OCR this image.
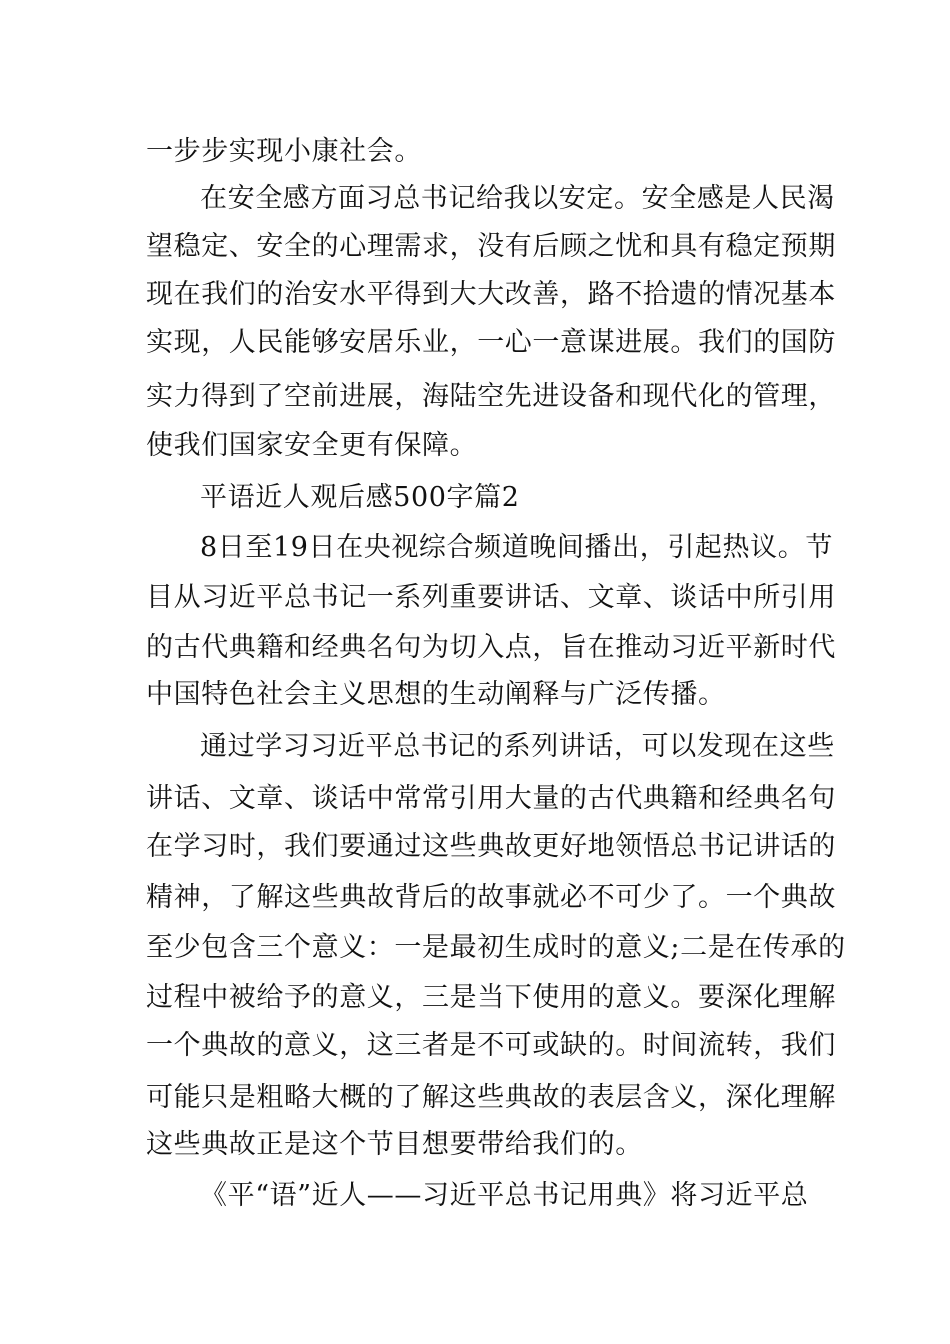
一步步实现小康社会。
在安全感方面习总书记给我以安定。安全感是人民渴
望稳定、安全的心理需求，没有后顾之忧和具有稳定预期
现在我们的治安水平得到大大改善，路不拾遗的情况基本
实现，人民能够安居乐业，一心一意谋进展。我们的国防
实力得到了空前进展，海陆空先进设备和现代化的管理，
使我们国家安全更有保障。
平语近人观后感500字篇2
8日至19日在央视综合频道晚间播出，引起热议。节
目从习近平总书记一系列重要讲话、文章、谈话中所引用
的古代典籍和经典名句为切入点，旨在推动习近平新时代
中国特色社会主义思想的生动阐释与广泛传播。
通过学习习近平总书记的系列讲话，可以发现在这些
讲话、文章、谈话中常常引用大量的古代典籍和经典名句
在学习时，我们要通过这些典故更好地领悟总书记讲话的
精神，了解这些典故背后的故事就必不可少了。一个典故
至少包含三个意义：一是最初生成时的意义;二是在传承的
过程中被给予的意义，三是当下使用的意义。要深化理解
一个典故的意义，这三者是不可或缺的。时间流转，我们
可能只是粗略大概的了解这些典故的表层含义，深化理解
这些典故正是这个节目想要带给我们的。
《平“语”近人——习近平总书记用典》将习近平总
